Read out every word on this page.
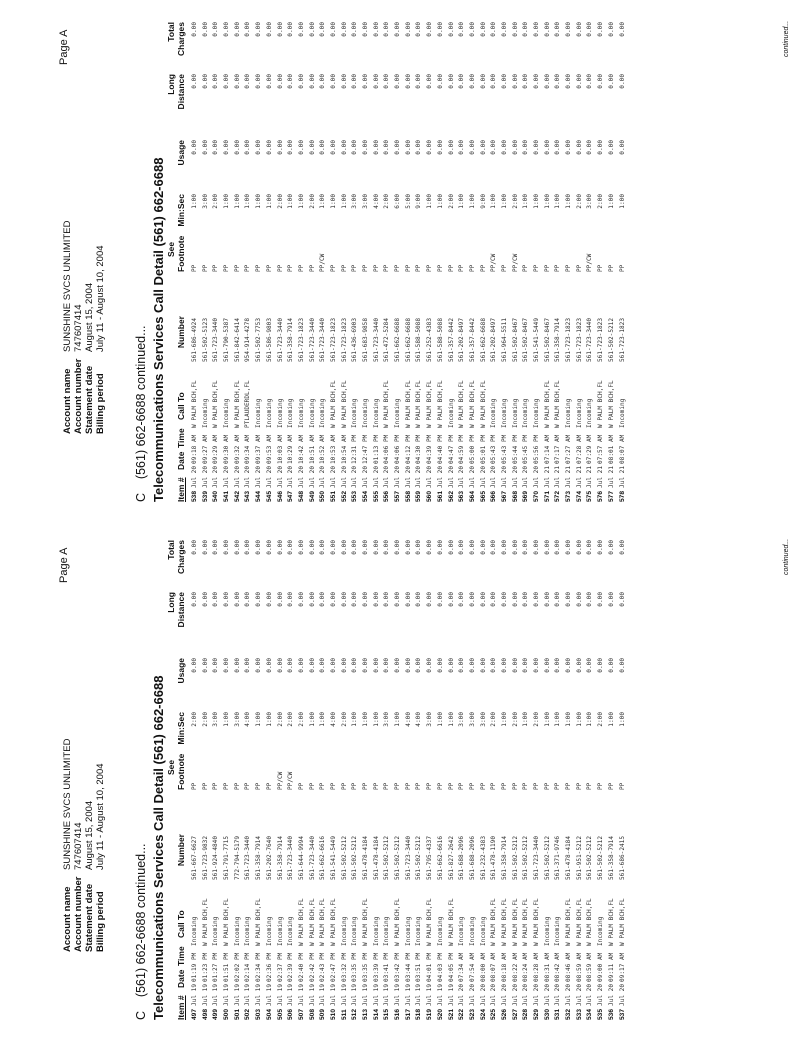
Page A
Account name
SUNSHINE SVCS UNLIMITED
Account number
747607414
Statement date
August 15, 2004
Billing period
July 11 - August 10, 2004
C    (561) 662-6688 continued... Telecommunications Services Call Detail (561) 662-6688 See
Long
Total
Item #
Date
Time
Call To
Number
Footnote
Min:Sec
Usage
Distance
Charges
497
Jul 19
01:19 PM
Incoming
561-667-6627
PP
2:00
0.00
0.00
0.00
498
Jul 19
01:23 PM
W PALM BCH,FL
561-723-9832
PP
2:00
0.00
0.00
0.00
499
Jul 19
01:27 PM
Incoming
561-924-4840
PP
3:00
0.00
0.00
0.00
500
Jul 19
01:51 PM
W PALM BCH,FL
561-791-7715
PP
1:00
0.00
0.00
0.00
501
Jul 19
02:02 PM
Incoming
772-794-5179
PP
3:00
0.00
0.00
0.00
502
Jul 19
02:14 PM
Incoming
561-723-3440
PP
4:00
0.00
0.00
0.00
503
Jul 19
02:34 PM
W PALM BCH,FL
561-358-7914
PP
1:00
0.00
0.00
0.00
504
Jul 19
02:36 PM
Incoming
561-202-7640
PP
1:00
0.00
0.00
0.00
505
Jul 19
02:37 PM
Incoming
561-358-7914
PP/CW
2:00
0.00
0.00
0.00
506
Jul 19
02:39 PM
Incoming
561-723-3440
PP/CW
2:00
0.00
0.00
0.00
507
Jul 19
02:40 PM
W PALM BCH,FL
561-644-9994
PP
2:00
0.00
0.00
0.00
508
Jul 19
02:42 PM
W PALM BCH,FL
561-723-3440
PP
1:00
0.00
0.00
0.00
509
Jul 19
02:43 PM
W PALM BCH,FL
561-662-6616
PP
1:00
0.00
0.00
0.00
510
Jul 19
02:47 PM
W PALM BCH,FL
561-541-5449
PP
4:00
0.00
0.00
0.00
511
Jul 19
03:32 PM
Incoming
561-502-5212
PP
2:00
0.00
0.00
0.00
512
Jul 19
03:35 PM
Incoming
561-502-5212
PP
1:00
0.00
0.00
0.00
513
Jul 19
03:35 PM
W PALM BCH,FL
561-478-4184
PP
1:00
0.00
0.00
0.00
514
Jul 19
03:39 PM
Incoming
561-478-4184
PP
1:00
0.00
0.00
0.00
515
Jul 19
03:41 PM
Incoming
561-502-5212
PP
3:00
0.00
0.00
0.00
516
Jul 19
03:42 PM
W PALM BCH,FL
561-502-5212
PP
1:00
0.00
0.00
0.00
517
Jul 19
03:44 PM
Incoming
561-723-3440
PP
4:00
0.00
0.00
0.00
518
Jul 19
03:51 PM
Incoming
561-502-5212
PP
4:00
0.00
0.00
0.00
519
Jul 19
04:01 PM
W PALM BCH,FL
561-795-4337
PP
3:00
0.00
0.00
0.00
520
Jul 19
04:03 PM
Incoming
561-662-6616
PP
1:00
0.00
0.00
0.00
521
Jul 19
04:05 PM
W PALM BCH,FL
561-827-2642
PP
1:00
0.00
0.00
0.00
522
Jul 20
07:34 AM
Incoming
561-688-2096
PP
3:00
0.00
0.00
0.00
523
Jul 20
07:54 AM
Incoming
561-688-2096
PP
3:00
0.00
0.00
0.00
524
Jul 20
08:00 AM
Incoming
561-232-4383
PP
3:00
0.00
0.00
0.00
525
Jul 20
08:07 AM
W PALM BCH,FL
561-478-1190
PP
2:00
0.00
0.00
0.00
526
Jul 20
08:18 AM
W PALM BCH,FL
561-358-7914
PP
1:00
0.00
0.00
0.00
527
Jul 20
08:22 AM
W PALM BCH,FL
561-502-5212
PP
2:00
0.00
0.00
0.00
528
Jul 20
08:24 AM
W PALM BCH,FL
561-502-5212
PP
1:00
0.00
0.00
0.00
529
Jul 20
08:28 AM
W PALM BCH,FL
561-723-3440
PP
2:00
0.00
0.00
0.00
530
Jul 20
08:31 AM
Incoming
561-502-5212
PP
1:00
0.00
0.00
0.00
531
Jul 20
08:42 AM
Incoming
561-371-9746
PP
1:00
0.00
0.00
0.00
532
Jul 20
08:46 AM
W PALM BCH,FL
561-478-4184
PP
1:00
0.00
0.00
0.00
533
Jul 20
08:59 AM
W PALM BCH,FL
561-951-5212
PP
1:00
0.00
0.00
0.00
534
Jul 20
08:59 AM
W PALM BCH,FL
561-502-5212
PP
1:00
0.00
0.00
0.00
535
Jul 20
09:00 AM
Incoming
561-502-5212
PP
2:00
0.00
0.00
0.00
536
Jul 20
09:11 AM
W PALM BCH,FL
561-358-7914
PP
1:00
0.00
0.00
0.00
537
Jul 20
09:17 AM
W PALM BCH,FL
561-686-2415
PP
1:00
0.00
0.00
0.00	continued...
Page A
Account name
SUNSHINE SVCS UNLIMITED
Account number
747607414
Statement date
August 15, 2004
Billing period
July 11 - August 10, 2004
C    (561) 662-6688 continued... Telecommunications Services Call Detail (561) 662-6688 See
Long
Total
Item #
Date
Time
Call To
Number
Footnote
Min:Sec
Usage
Distance
Charges
538
Jul 20
09:18 AM
W PALM BCH,FL
561-686-4924
PP
1:00
0.00
0.00
0.00
539
Jul 20
09:27 AM
Incoming
561-502-5123
PP
3:00
0.00
0.00
0.00
540
Jul 20
09:29 AM
W PALM BCH,FL
561-723-3440
PP
2:00
0.00
0.00
0.00
541
Jul 20
09:30 AM
Incoming
561-790-5387
PP
1:00
0.00
0.00
0.00
542
Jul 20
09:32 AM
W PALM BCH,FL
561-842-6414
PP
1:00
0.00
0.00
0.00
543
Jul 20
09:34 AM
PTLAUDERDL,FL
954-914-4278
PP
1:00
0.00
0.00
0.00
544
Jul 20
09:37 AM
Incoming
561-502-7753
PP
1:00
0.00
0.00
0.00
545
Jul 20
09:53 AM
Incoming
561-586-9803
PP
1:00
0.00
0.00
0.00
546
Jul 20
10:03 AM
Incoming
561-723-3440
PP
2:00
0.00
0.00
0.00
547
Jul 20
10:29 AM
Incoming
561-358-7914
PP
1:00
0.00
0.00
0.00
548
Jul 20
10:42 AM
Incoming
561-723-1823
PP
1:00
0.00
0.00
0.00
549
Jul 20
10:51 AM
Incoming
561-723-3440
PP
2:00
0.00
0.00
0.00
550
Jul 20
10:52 AM
Incoming
561-723-3440
PP/CW
1:00
0.00
0.00
0.00
551
Jul 20
10:53 AM
W PALM BCH,FL
561-723-1823
PP
1:00
0.00
0.00
0.00
552
Jul 20
10:54 AM
W PALM BCH,FL
561-723-1823
PP
1:00
0.00
0.00
0.00
553
Jul 20
12:31 PM
Incoming
561-436-6903
PP
3:00
0.00
0.00
0.00
554
Jul 20
12:47 PM
Incoming
561-683-9858
PP
3:00
0.00
0.00
0.00
555
Jul 20
01:13 PM
Incoming
561-723-3440
PP
4:00
0.00
0.00
0.00
556
Jul 20
04:06 PM
W PALM BCH,FL
561-472-5284
PP
2:00
0.00
0.00
0.00
557
Jul 20
04:06 PM
Incoming
561-662-6688
PP
6:00
0.00
0.00
0.00
558
Jul 20
04:12 PM
W PALM BCH,FL
561-662-6688
PP
5:00
0.00
0.00
0.00
559
Jul 20
04:30 PM
W PALM BCH,FL
561-588-5088
PP
9:00
0.00
0.00
0.00
560
Jul 20
04:39 PM
W PALM BCH,FL
561-252-4383
PP
1:00
0.00
0.00
0.00
561
Jul 20
04:40 PM
W PALM BCH,FL
561-588-5088
PP
1:00
0.00
0.00
0.00
562
Jul 20
04:47 PM
Incoming
561-357-8442
PP
2:00
0.00
0.00
0.00
563
Jul 20
04:59 PM
W PALM BCH,FL
561-202-8497
PP
1:00
0.00
0.00
0.00
564
Jul 20
05:00 PM
W PALM BCH,FL
561-357-8442
PP
1:00
0.00
0.00
0.00
565
Jul 20
05:01 PM
W PALM BCH,FL
561-662-6688
PP
9:00
0.00
0.00
0.00
566
Jul 20
05:43 PM
Incoming
561-202-8497
PP/CW
1:00
0.00
0.00
0.00
567
Jul 20
05:43 PM
Incoming
561-964-5511
PP
1:00
0.00
0.00
0.00
568
Jul 20
05:44 PM
Incoming
561-502-8467
PP/CW
2:00
0.00
0.00
0.00
569
Jul 20
05:45 PM
Incoming
561-502-8467
PP
1:00
0.00
0.00
0.00
570
Jul 20
05:56 PM
Incoming
561-541-5449
PP
1:00
0.00
0.00
0.00
571
Jul 21
07:14 AM
W PALM BCH,FL
561-502-8467
PP
1:00
0.00
0.00
0.00
572
Jul 21
07:17 AM
W PALM BCH,FL
561-358-7914
PP
1:00
0.00
0.00
0.00
573
Jul 21
07:27 AM
Incoming
561-723-1823
PP
1:00
0.00
0.00
0.00
574
Jul 21
07:28 AM
Incoming
561-723-1823
PP
2:00
0.00
0.00
0.00
575
Jul 21
07:29 AM
Incoming
561-723-3440
PP/CW
3:00
0.00
0.00
0.00
576
Jul 21
07:57 AM
W PALM BCH,FL
561-723-1823
PP
2:00
0.00
0.00
0.00
577
Jul 21
08:01 AM
W PALM BCH,FL
561-502-5212
PP
1:00
0.00
0.00
0.00
578
Jul 21
08:07 AM
Incoming
561-723-1823
PP
1:00
0.00
0.00
0.00	continued...
